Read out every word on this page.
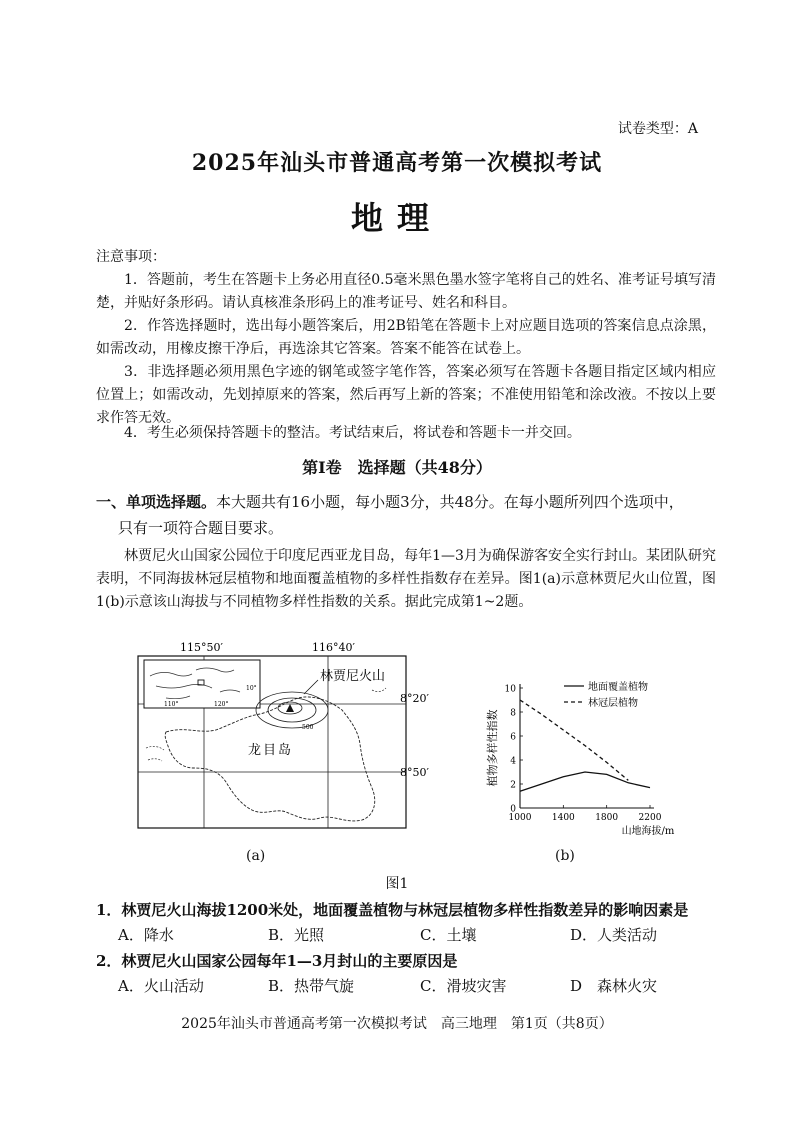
试卷类型：A
2025年汕头市普通高考第一次模拟考试
地理
注意事项：
1．答题前，考生在答题卡上务必用直径0.5毫米黑色墨水签字笔将自己的姓名、准考证号填写清楚，并贴好条形码。请认真核准条形码上的准考证号、姓名和科目。
2．作答选择题时，选出每小题答案后，用2B铅笔在答题卡上对应题目选项的答案信息点涂黑，如需改动，用橡皮擦干净后，再选涂其它答案。答案不能答在试卷上。
3．非选择题必须用黑色字迹的钢笔或签字笔作答，答案必须写在答题卡各题目指定区域内相应位置上；如需改动，先划掉原来的答案，然后再写上新的答案；不准使用铅笔和涂改液。不按以上要求作答无效。
4．考生必须保持答题卡的整洁。考试结束后，将试卷和答题卡一并交回。
第Ⅰ卷　选择题（共48分）
一、单项选择题。本大题共有16小题，每小题3分，共48分。在每小题所列四个选项中，
只有一项符合题目要求。
林贾尼火山国家公园位于印度尼西亚龙目岛，每年1—3月为确保游客安全实行封山。某团队研究表明，不同海拔林冠层植物和地面覆盖植物的多样性指数存在差异。图1(a)示意林贾尼火山位置，图1(b)示意该山海拔与不同植物多样性指数的关系。据此完成第1~2题。
115°50′	116°40′
8°20′
8°50′
110°	120°
10°
500
林贾尼火山
龙目岛
0
2
4
6
8
10
1000 1400 1800 2200
地面覆盖植物
林冠层植物
植物多样性指数
山地海拔/m
(a)	(b)
图1
1．林贾尼火山海拔1200米处，地面覆盖植物与林冠层植物多样性指数差异的影响因素是
A．降水	B．光照	C．土壤	D．人类活动
2．林贾尼火山国家公园每年1—3月封山的主要原因是
A．火山活动	B．热带气旋	C．滑坡灾害	D　森林火灾
2025年汕头市普通高考第一次模拟考试　高三地理　第1页（共8页）
